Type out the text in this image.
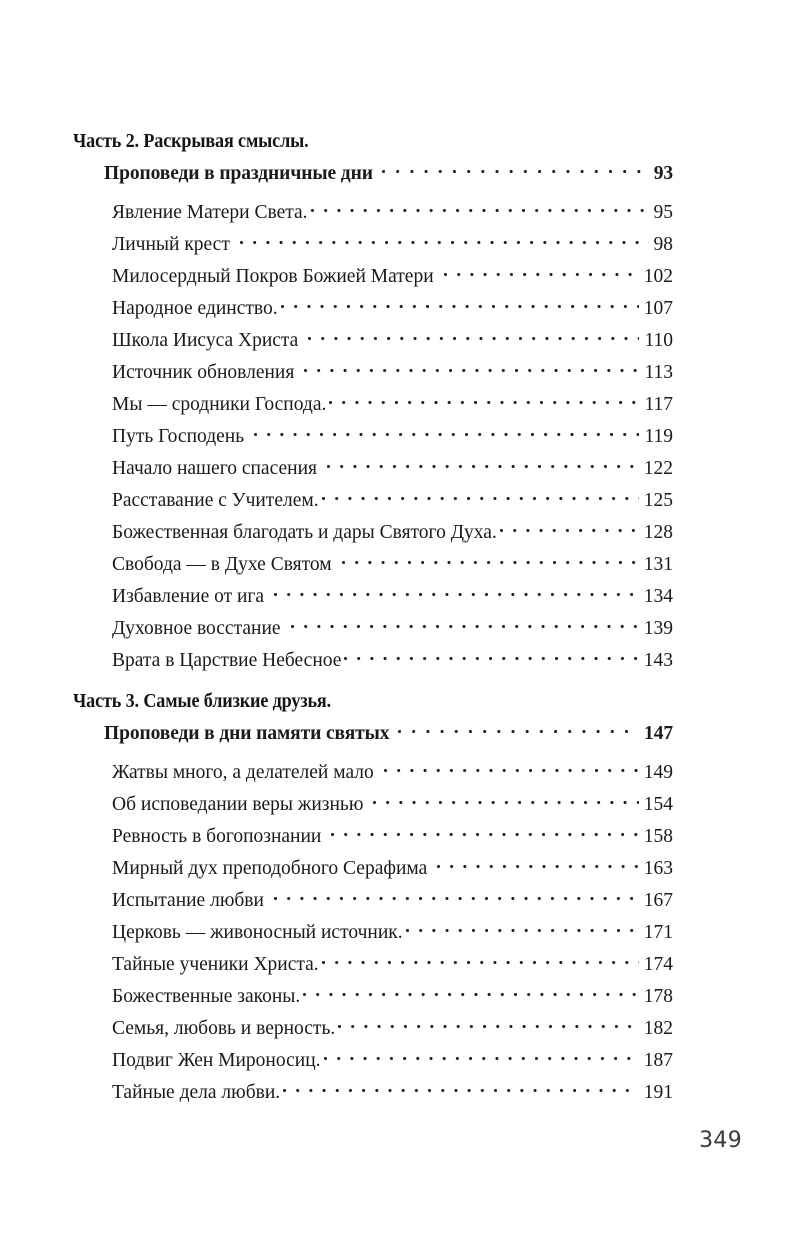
Часть 2. Раскрывая смыслы.
Проповеди в праздничные дни	93
Явление Матери Света.	95
Личный крест	98
Милосердный Покров Божией Матери	102
Народное единство.	107
Школа Иисуса Христа	110
Источник обновления	113
Мы — сродники Господа.	117
Путь Господень	119
Начало нашего спасения	122
Расставание с Учителем.	125
Божественная благодать и дары Святого Духа.	128
Свобода — в Духе Святом	131
Избавление от ига	134
Духовное восстание	139
Врата в Царствие Небесное	143
Часть 3. Самые близкие друзья.
Проповеди в дни памяти святых	147
Жатвы много, а делателей мало	149
Об исповедании веры жизнью	154
Ревность в богопознании	158
Мирный дух преподобного Серафима	163
Испытание любви	167
Церковь — живоносный источник.	171
Тайные ученики Христа.	174
Божественные законы.	178
Семья, любовь и верность.	182
Подвиг Жен Мироносиц.	187
Тайные дела любви.	191
349
